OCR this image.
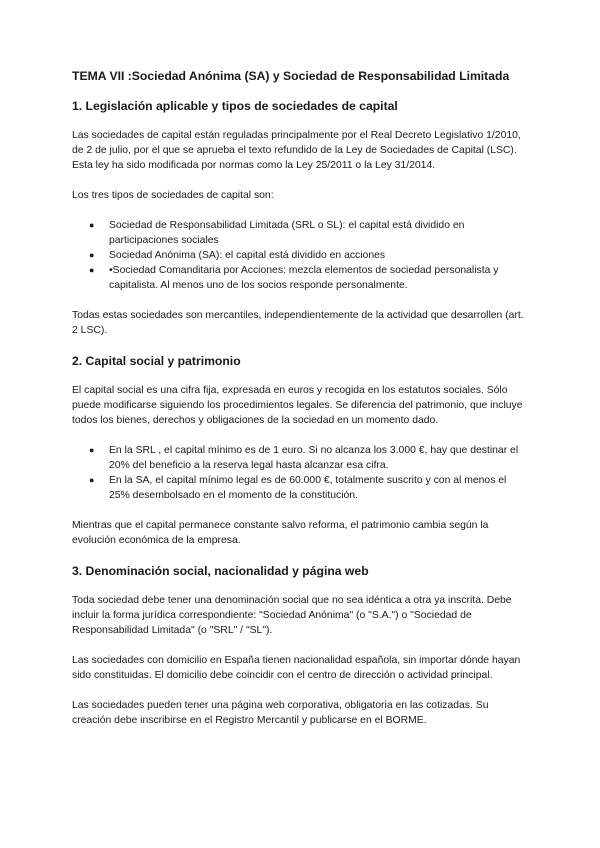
TEMA VII :Sociedad Anónima (SA) y Sociedad de Responsabilidad Limitada
1. Legislación aplicable y tipos de sociedades de capital

Las sociedades de capital están reguladas principalmente por el Real Decreto Legislativo 1/2010, de 2 de julio, por el que se aprueba el texto refundido de la Ley de Sociedades de Capital (LSC). Esta ley ha sido modificada por normas como la Ley 25/2011 o la Ley 31/2014.

Los tres tipos de sociedades de capital son:

● Sociedad de Responsabilidad Limitada (SRL o SL): el capital está dividido en participaciones sociales
● Sociedad Anónima (SA): el capital está dividido en acciones
● •Sociedad Comanditaria por Acciones: mezcla elementos de sociedad personalista y capitalista. Al menos uno de los socios responde personalmente.

Todas estas sociedades son mercantiles, independientemente de la actividad que desarrollen (art. 2 LSC).

2. Capital social y patrimonio

El capital social es una cifra fija, expresada en euros y recogida en los estatutos sociales. Sólo puede modificarse siguiendo los procedimientos legales. Se diferencia del patrimonio, que incluye todos los bienes, derechos y obligaciones de la sociedad en un momento dado.

● En la SRL , el capital mínimo es de 1 euro. Si no alcanza los 3.000 €, hay que destinar el 20% del beneficio a la reserva legal hasta alcanzar esa cifra.
● En la SA, el capital mínimo legal es de 60.000 €, totalmente suscrito y con al menos el 25% desembolsado en el momento de la constitución.

Mientras que el capital permanece constante salvo reforma, el patrimonio cambia según la evolución económica de la empresa.

3. Denominación social, nacionalidad y página web

Toda sociedad debe tener una denominación social que no sea idéntica a otra ya inscrita. Debe incluir la forma jurídica correspondiente: "Sociedad Anónima" (o "S.A.") o "Sociedad de Responsabilidad Limitada" (o "SRL" / "SL").

Las sociedades con domicilio en España tienen nacionalidad española, sin importar dónde hayan sido constituidas. El domicilio debe coincidir con el centro de dirección o actividad principal.

Las sociedades pueden tener una página web corporativa, obligatoria en las cotizadas. Su creación debe inscribirse en el Registro Mercantil y publicarse en el BORME.
